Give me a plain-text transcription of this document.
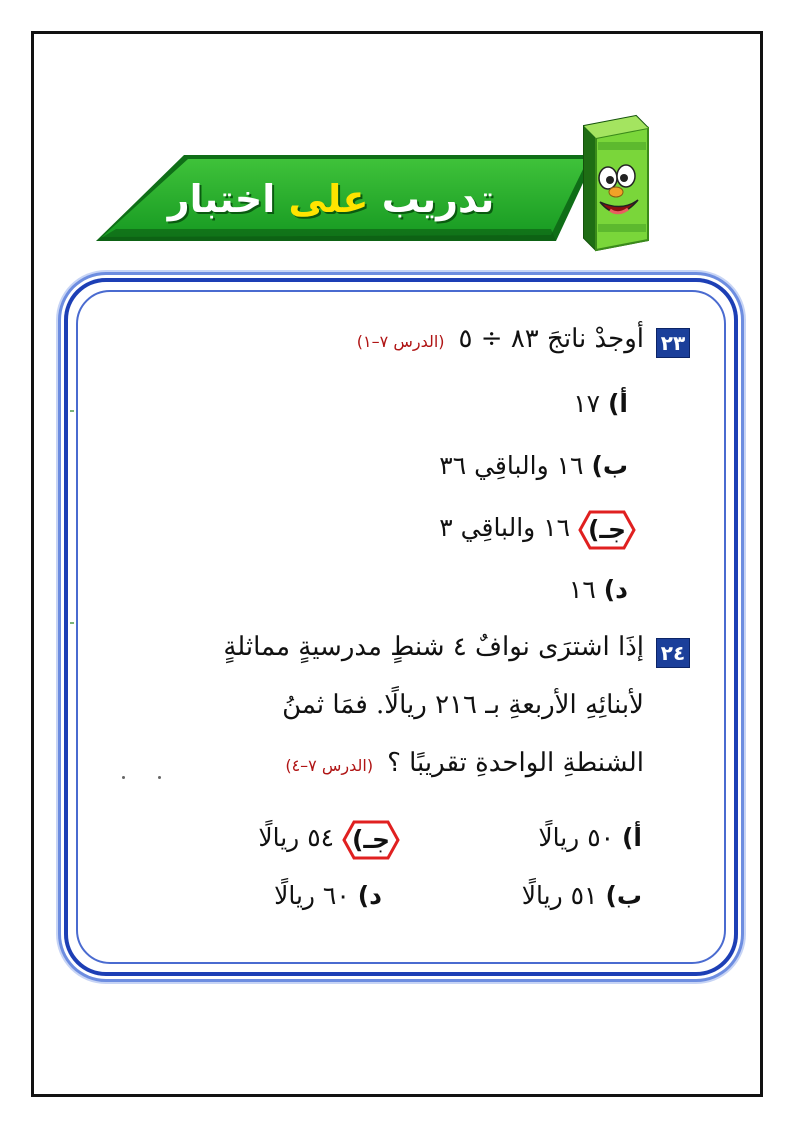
تدريب على اختبار
٢٣
أوجدْ ناتجَ ٨٣ ÷ ٥(الدرس ٧–١)
أ) ١٧
ب) ١٦ والباقِي ٣٦
جـ)
١٦ والباقِي ٣
د) ١٦
٢٤
إذَا اشترَى نوافٌ ٤ شنطٍ مدرسيةٍ مماثلةٍ
لأبنائِهِ الأربعةِ بـ ٢١٦ ريالًا. فمَا ثمنُ
الشنطةِ الواحدةِ تقريبًا ؟(الدرس ٧–٤)
أ) ٥٠ ريالًا
ب) ٥١ ريالًا
جـ)
٥٤ ريالًا
د) ٦٠ ريالًا
